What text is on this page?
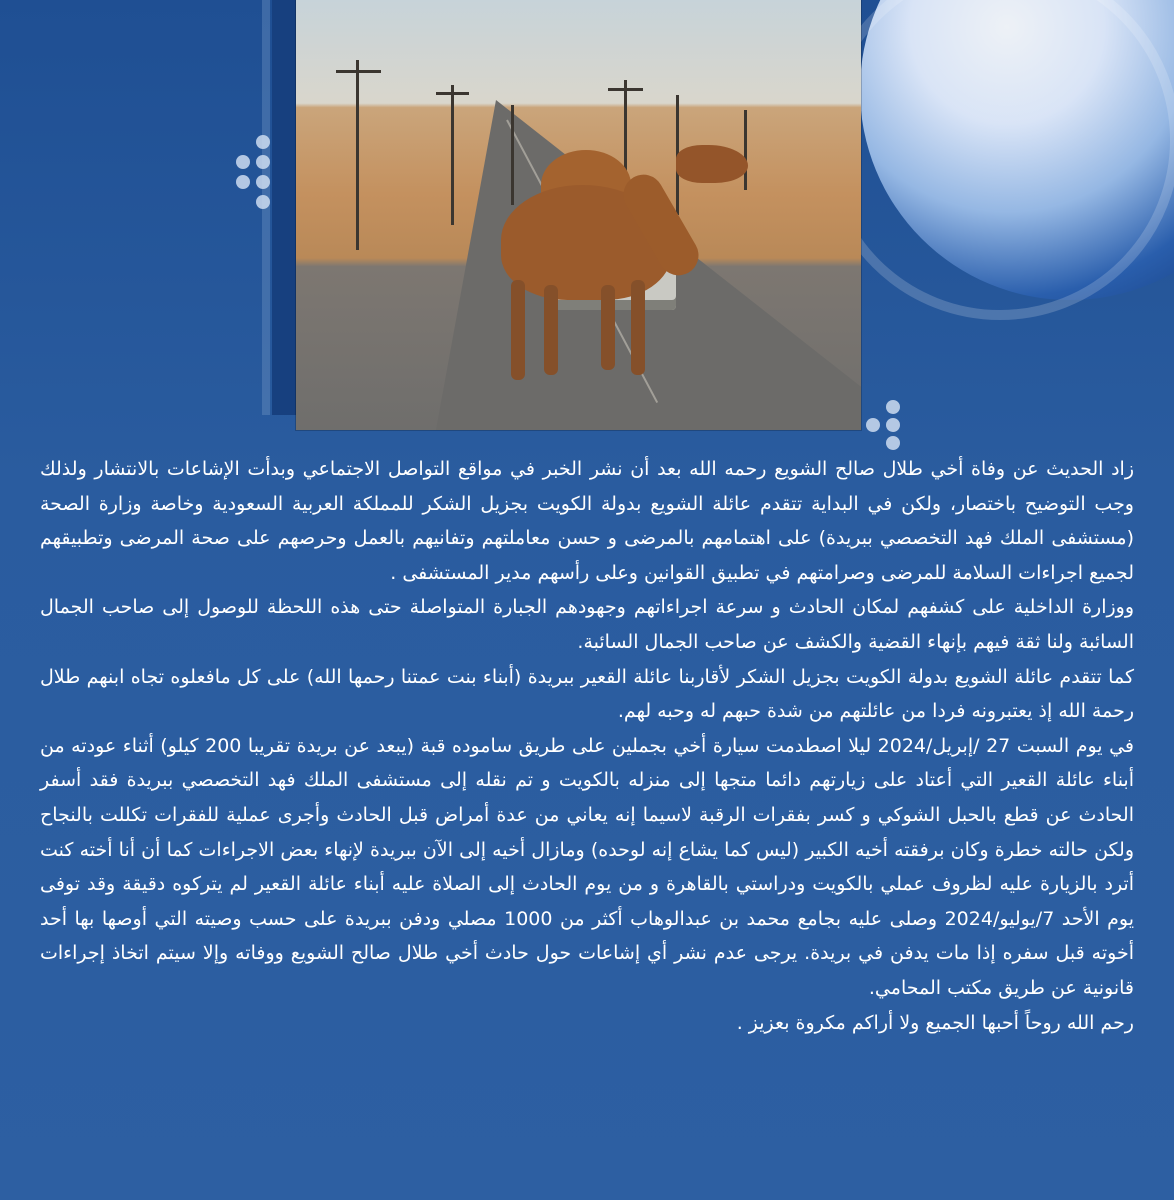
زاد الحديث عن وفاة أخي طلال صالح الشويع رحمه الله بعد أن نشر الخبر في مواقع التواصل الاجتماعي وبدأت الإشاعات بالانتشار ولذلك وجب التوضيح باختصار، ولكن في البداية تتقدم عائلة الشويع بدولة الكويت بجزيل الشكر للمملكة العربية السعودية وخاصة وزارة الصحة (مستشفى الملك فهد التخصصي ببريدة) على اهتمامهم بالمرضى و حسن معاملتهم وتفانيهم بالعمل وحرصهم على صحة المرضى وتطبيقهم لجميع اجراءات السلامة للمرضى وصرامتهم في تطبيق القوانين وعلى رأسهم مدير المستشفى .

ووزارة الداخلية على كشفهم لمكان الحادث و سرعة اجراءاتهم وجهودهم الجبارة المتواصلة حتى هذه اللحظة للوصول إلى صاحب الجمال السائبة ولنا ثقة فيهم بإنهاء القضية والكشف عن صاحب الجمال السائبة.

كما تتقدم عائلة الشويع بدولة الكويت بجزيل الشكر لأقاربنا عائلة القعير ببريدة (أبناء بنت عمتنا رحمها الله) على كل مافعلوه تجاه ابنهم طلال رحمة الله إذ يعتبرونه فردا من عائلتهم من شدة حبهم له وحبه لهم.

في يوم السبت 27 /إبريل/2024 ليلا اصطدمت سيارة أخي بجملين على طريق ساموده قبة (يبعد عن بريدة تقريبا 200 كيلو) أثناء عودته من أبناء عائلة القعير التي أعتاد على زيارتهم دائما متجها إلى منزله بالكويت و تم نقله إلى مستشفى الملك فهد التخصصي ببريدة فقد أسفر الحادث عن قطع بالحبل الشوكي و كسر بفقرات الرقبة لاسيما إنه يعاني من عدة أمراض قبل الحادث وأجرى عملية للفقرات تكللت بالنجاح ولكن حالته خطرة وكان برفقته أخيه الكبير (ليس كما يشاع إنه لوحده) ومازال أخيه إلى الآن ببريدة لإنهاء بعض الاجراءات كما أن أنا أخته كنت أترد بالزيارة عليه لظروف عملي بالكويت ودراستي بالقاهرة و من يوم الحادث إلى الصلاة عليه أبناء عائلة القعير لم يتركوه دقيقة وقد توفى يوم الأحد 7/يوليو/2024 وصلى عليه بجامع محمد بن عبدالوهاب أكثر من 1000 مصلي ودفن ببريدة على حسب وصيته التي أوصها بها أحد أخوته قبل سفره إذا مات يدفن في بريدة. يرجى عدم نشر أي إشاعات حول حادث أخي طلال صالح الشويع ووفاته وإلا سيتم اتخاذ إجراءات قانونية عن طريق مكتب المحامي.

رحم الله روحاً أحبها الجميع ولا أراكم مكروة بعزيز .
